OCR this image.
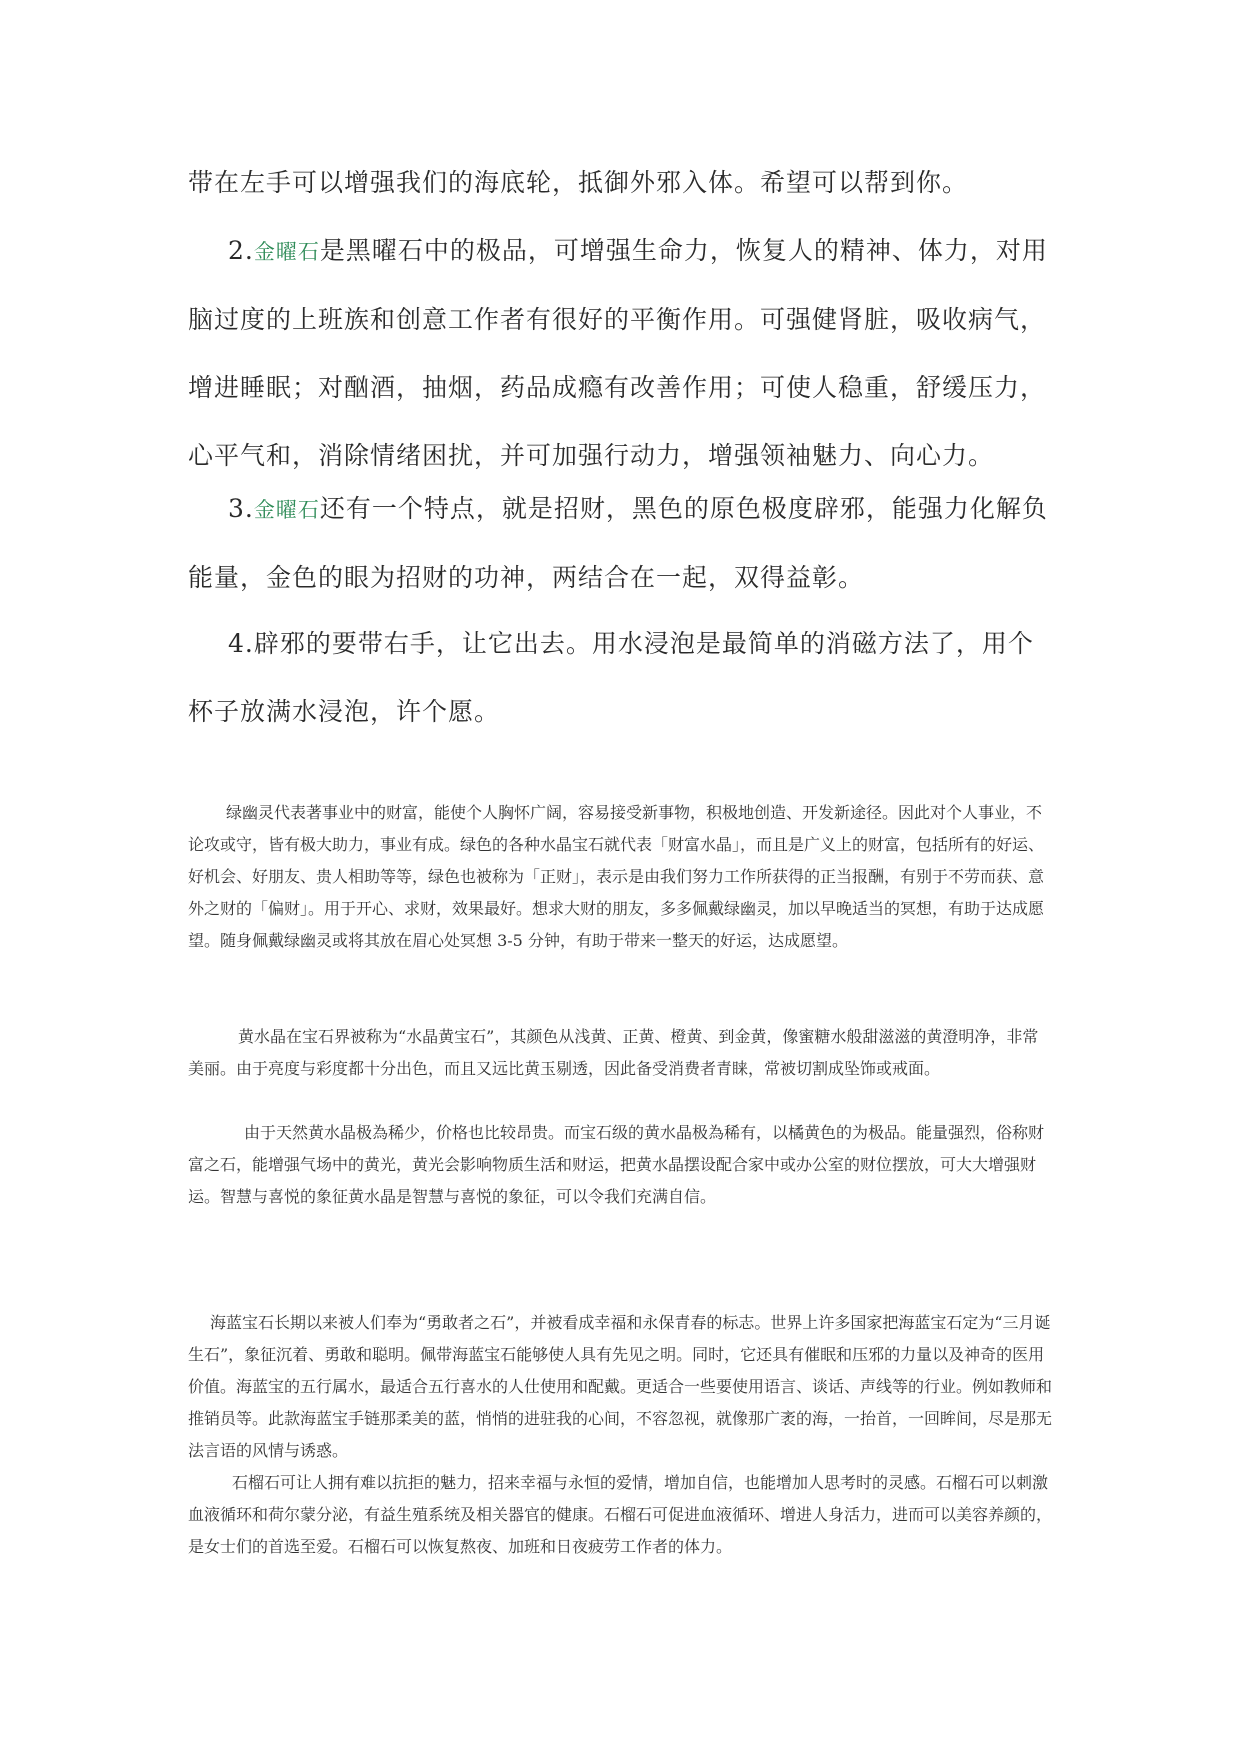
带在左手可以增强我们的海底轮，抵御外邪入体。希望可以帮到你。

2.金曜石是黑曜石中的极品，可增强生命力，恢复人的精神、体力，对用脑过度的上班族和创意工作者有很好的平衡作用。可强健肾脏，吸收病气，增进睡眠；对酗酒，抽烟，药品成瘾有改善作用；可使人稳重，舒缓压力，心平气和，消除情绪困扰，并可加强行动力，增强领袖魅力、向心力。

3.金曜石还有一个特点，就是招财，黑色的原色极度辟邪，能强力化解负能量，金色的眼为招财的功神，两结合在一起，双得益彰。

4.辟邪的要带右手，让它出去。用水浸泡是最简单的消磁方法了，用个杯子放满水浸泡，许个愿。

绿幽灵代表著事业中的财富，能使个人胸怀广阔，容易接受新事物，积极地创造、开发新途径。因此对个人事业，不论攻或守，皆有极大助力，事业有成。绿色的各种水晶宝石就代表「财富水晶」，而且是广义上的财富，包括所有的好运、好机会、好朋友、贵人相助等等，绿色也被称为「正财」，表示是由我们努力工作所获得的正当报酬，有别于不劳而获、意外之财的「偏财」。用于开心、求财，效果最好。想求大财的朋友，多多佩戴绿幽灵，加以早晚适当的冥想，有助于达成愿望。随身佩戴绿幽灵或将其放在眉心处冥想 3-5 分钟，有助于带来一整天的好运，达成愿望。

黄水晶在宝石界被称为“水晶黄宝石”，其颜色从浅黄、正黄、橙黄、到金黄，像蜜糖水般甜滋滋的黄澄明净，非常美丽。由于亮度与彩度都十分出色，而且又远比黄玉剔透，因此备受消费者青睐，常被切割成坠饰或戒面。

由于天然黄水晶极為稀少，价格也比较昂贵。而宝石级的黄水晶极為稀有，以橘黄色的为极品。能量强烈，俗称财富之石，能增强气场中的黄光，黄光会影响物质生活和财运，把黄水晶摆设配合家中或办公室的财位摆放，可大大增强财运。智慧与喜悦的象征黄水晶是智慧与喜悦的象征，可以令我们充满自信。

海蓝宝石长期以来被人们奉为“勇敢者之石”，并被看成幸福和永保青春的标志。世界上许多国家把海蓝宝石定为“三月诞生石”，象征沉着、勇敢和聪明。佩带海蓝宝石能够使人具有先见之明。同时，它还具有催眠和压邪的力量以及神奇的医用价值。海蓝宝的五行属水，最适合五行喜水的人仕使用和配戴。更适合一些要使用语言、谈话、声线等的行业。例如教师和推销员等。此款海蓝宝手链那柔美的蓝，悄悄的进驻我的心间，不容忽视，就像那广袤的海，一抬首，一回眸间，尽是那无法言语的风情与诱惑。

石榴石可让人拥有难以抗拒的魅力，招来幸福与永恒的爱情，增加自信，也能增加人思考时的灵感。石榴石可以刺激血液循环和荷尔蒙分泌，有益生殖系统及相关器官的健康。石榴石可促进血液循环、增进人身活力，进而可以美容养颜的，是女士们的首选至爱。石榴石可以恢复熬夜、加班和日夜疲劳工作者的体力。
